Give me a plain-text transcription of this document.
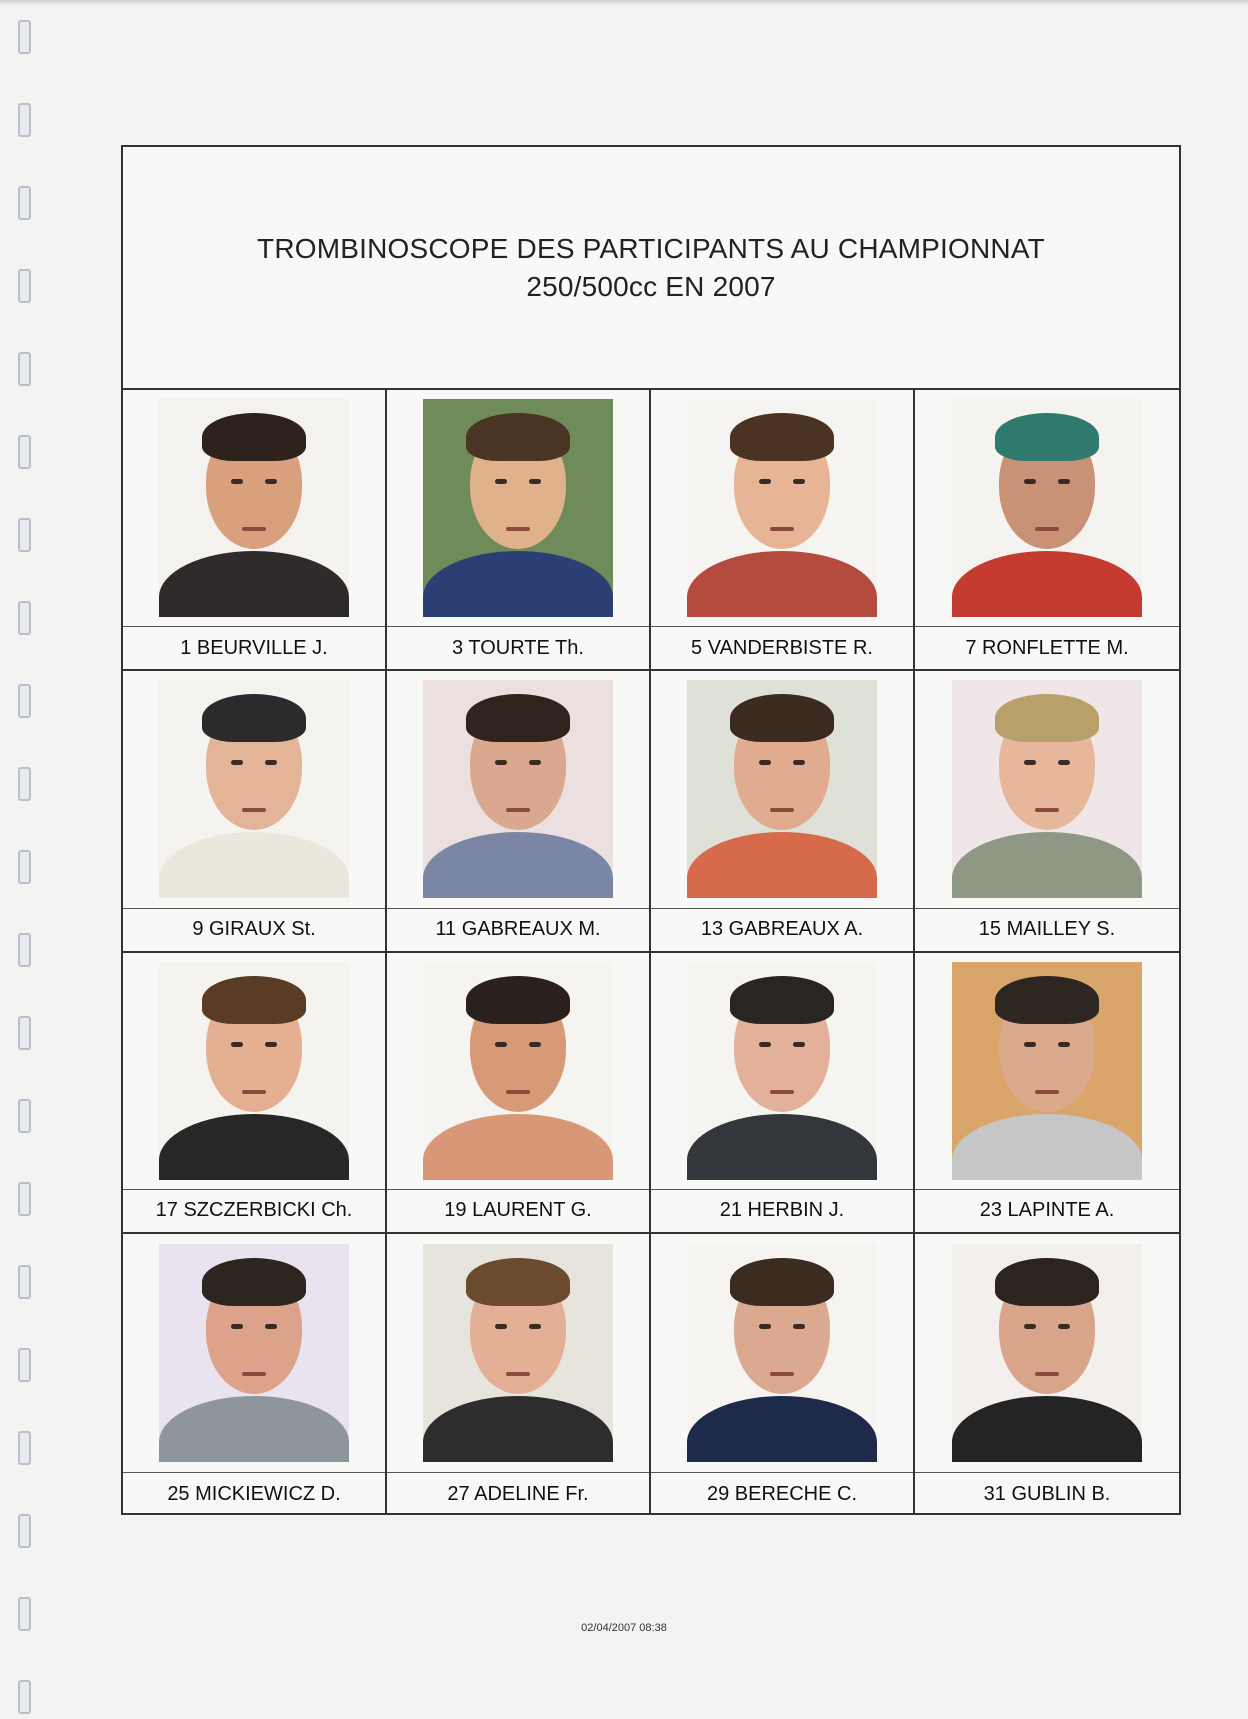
TROMBINOSCOPE DES PARTICIPANTS AU CHAMPIONNAT
250/500cc EN 2007
1 BEURVILLE J.	3 TOURTE Th.	5 VANDERBISTE R.	7 RONFLETTE M.
9 GIRAUX St.	11 GABREAUX M.	13 GABREAUX A.	15 MAILLEY S.
17 SZCZERBICKI Ch.	19 LAURENT G.	21 HERBIN J.	23 LAPINTE A.
25 MICKIEWICZ D.	27 ADELINE Fr.	29 BERECHE C.	31 GUBLIN B.
02/04/2007 08:38
